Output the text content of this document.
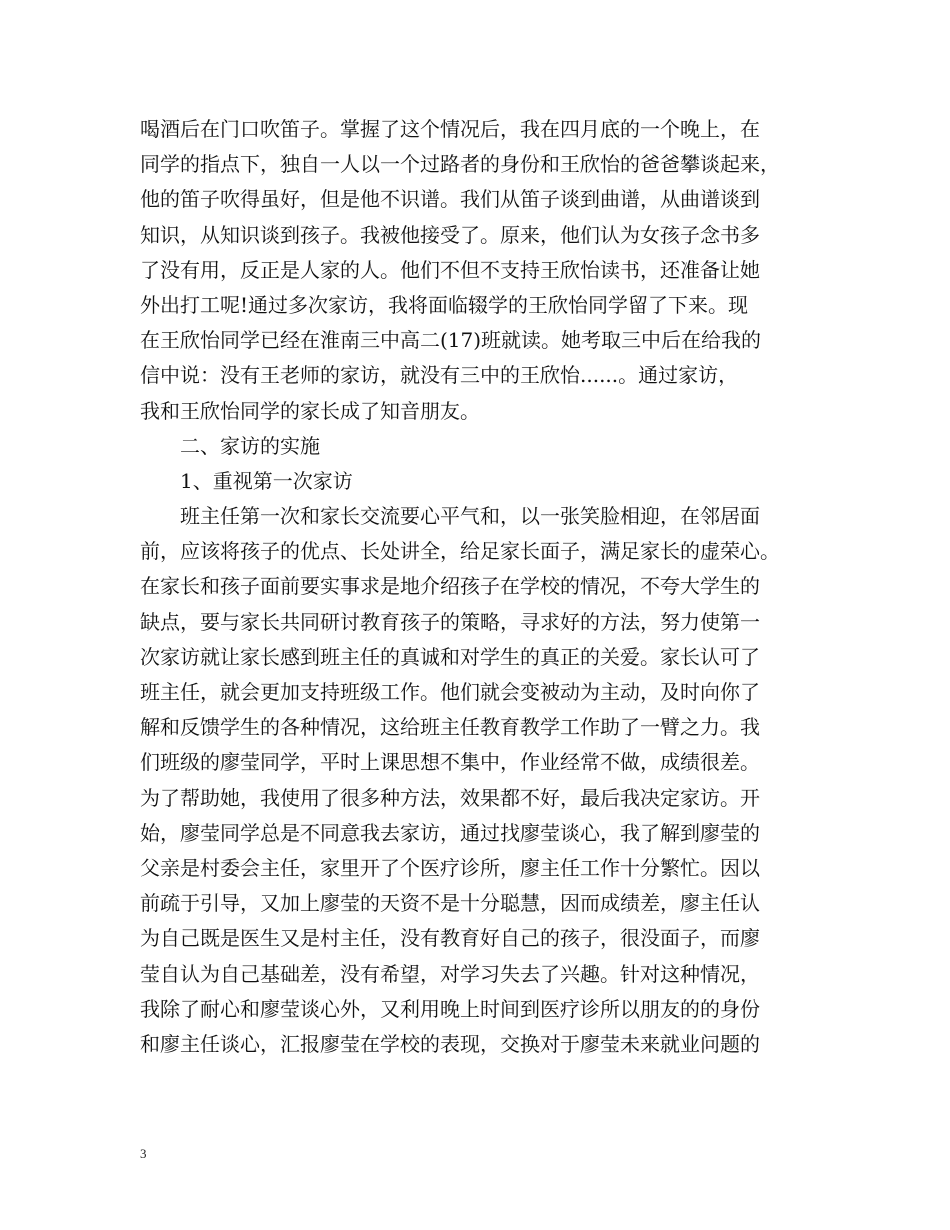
喝酒后在门口吹笛子。掌握了这个情况后，我在四月底的一个晚上，在
同学的指点下，独自一人以一个过路者的身份和王欣怡的爸爸攀谈起来，
他的笛子吹得虽好，但是他不识谱。我们从笛子谈到曲谱，从曲谱谈到
知识，从知识谈到孩子。我被他接受了。原来，他们认为女孩子念书多
了没有用，反正是人家的人。他们不但不支持王欣怡读书，还准备让她
外出打工呢!通过多次家访，我将面临辍学的王欣怡同学留了下来。现
在王欣怡同学已经在淮南三中高二(17)班就读。她考取三中后在给我的
信中说：没有王老师的家访，就没有三中的王欣怡......。通过家访，
我和王欣怡同学的家长成了知音朋友。
二、家访的实施
1、重视第一次家访
班主任第一次和家长交流要心平气和，以一张笑脸相迎，在邻居面
前，应该将孩子的优点、长处讲全，给足家长面子，满足家长的虚荣心。
在家长和孩子面前要实事求是地介绍孩子在学校的情况，不夸大学生的
缺点，要与家长共同研讨教育孩子的策略，寻求好的方法，努力使第一
次家访就让家长感到班主任的真诚和对学生的真正的关爱。家长认可了
班主任，就会更加支持班级工作。他们就会变被动为主动，及时向你了
解和反馈学生的各种情况，这给班主任教育教学工作助了一臂之力。我
们班级的廖莹同学，平时上课思想不集中，作业经常不做，成绩很差。
为了帮助她，我使用了很多种方法，效果都不好，最后我决定家访。开
始，廖莹同学总是不同意我去家访，通过找廖莹谈心，我了解到廖莹的
父亲是村委会主任，家里开了个医疗诊所，廖主任工作十分繁忙。因以
前疏于引导，又加上廖莹的天资不是十分聪慧，因而成绩差，廖主任认
为自己既是医生又是村主任，没有教育好自己的孩子，很没面子，而廖
莹自认为自己基础差，没有希望，对学习失去了兴趣。针对这种情况，
我除了耐心和廖莹谈心外，又利用晚上时间到医疗诊所以朋友的的身份
和廖主任谈心，汇报廖莹在学校的表现，交换对于廖莹未来就业问题的
3
